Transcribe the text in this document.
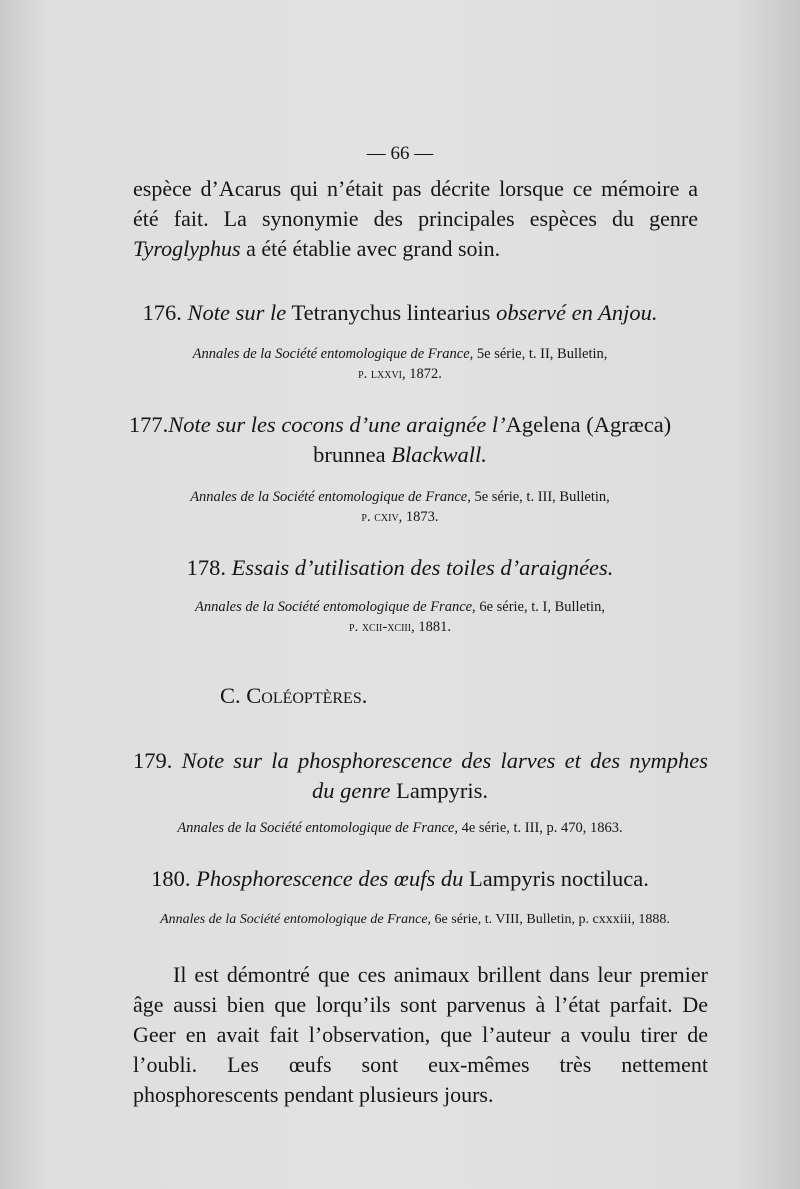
— 66 —
espèce d’Acarus qui n’était pas décrite lorsque ce mémoire a été fait. La synonymie des principales espèces du genre Tyroglyphus a été établie avec grand soin.
176. Note sur le Tetranychus lintearius observé en Anjou.
Annales de la Société entomologique de France, 5e série, t. II, Bulletin,
p. lxxvi, 1872.
177.Note sur les cocons d’une araignée l’Agelena (Agræca)
brunnea Blackwall.
Annales de la Société entomologique de France, 5e série, t. III, Bulletin,
p. cxiv, 1873.
178. Essais d’utilisation des toiles d’araignées.
Annales de la Société entomologique de France, 6e série, t. I, Bulletin,
p. xcii-xciii, 1881.
C. Coléoptères.
179. Note sur la phosphorescence des larves et des nymphes
du genre Lampyris.
Annales de la Société entomologique de France, 4e série, t. III, p. 470, 1863.
180. Phosphorescence des œufs du Lampyris noctiluca.
Annales de la Société entomologique de France, 6e série, t. VIII, Bulletin, p. cxxxiii, 1888.
Il est démontré que ces animaux brillent dans leur premier âge aussi bien que lorqu’ils sont parvenus à l’état parfait. De Geer en avait fait l’observation, que l’auteur a voulu tirer de l’oubli. Les œufs sont eux-mêmes très nettement phosphorescents pendant plusieurs jours.
